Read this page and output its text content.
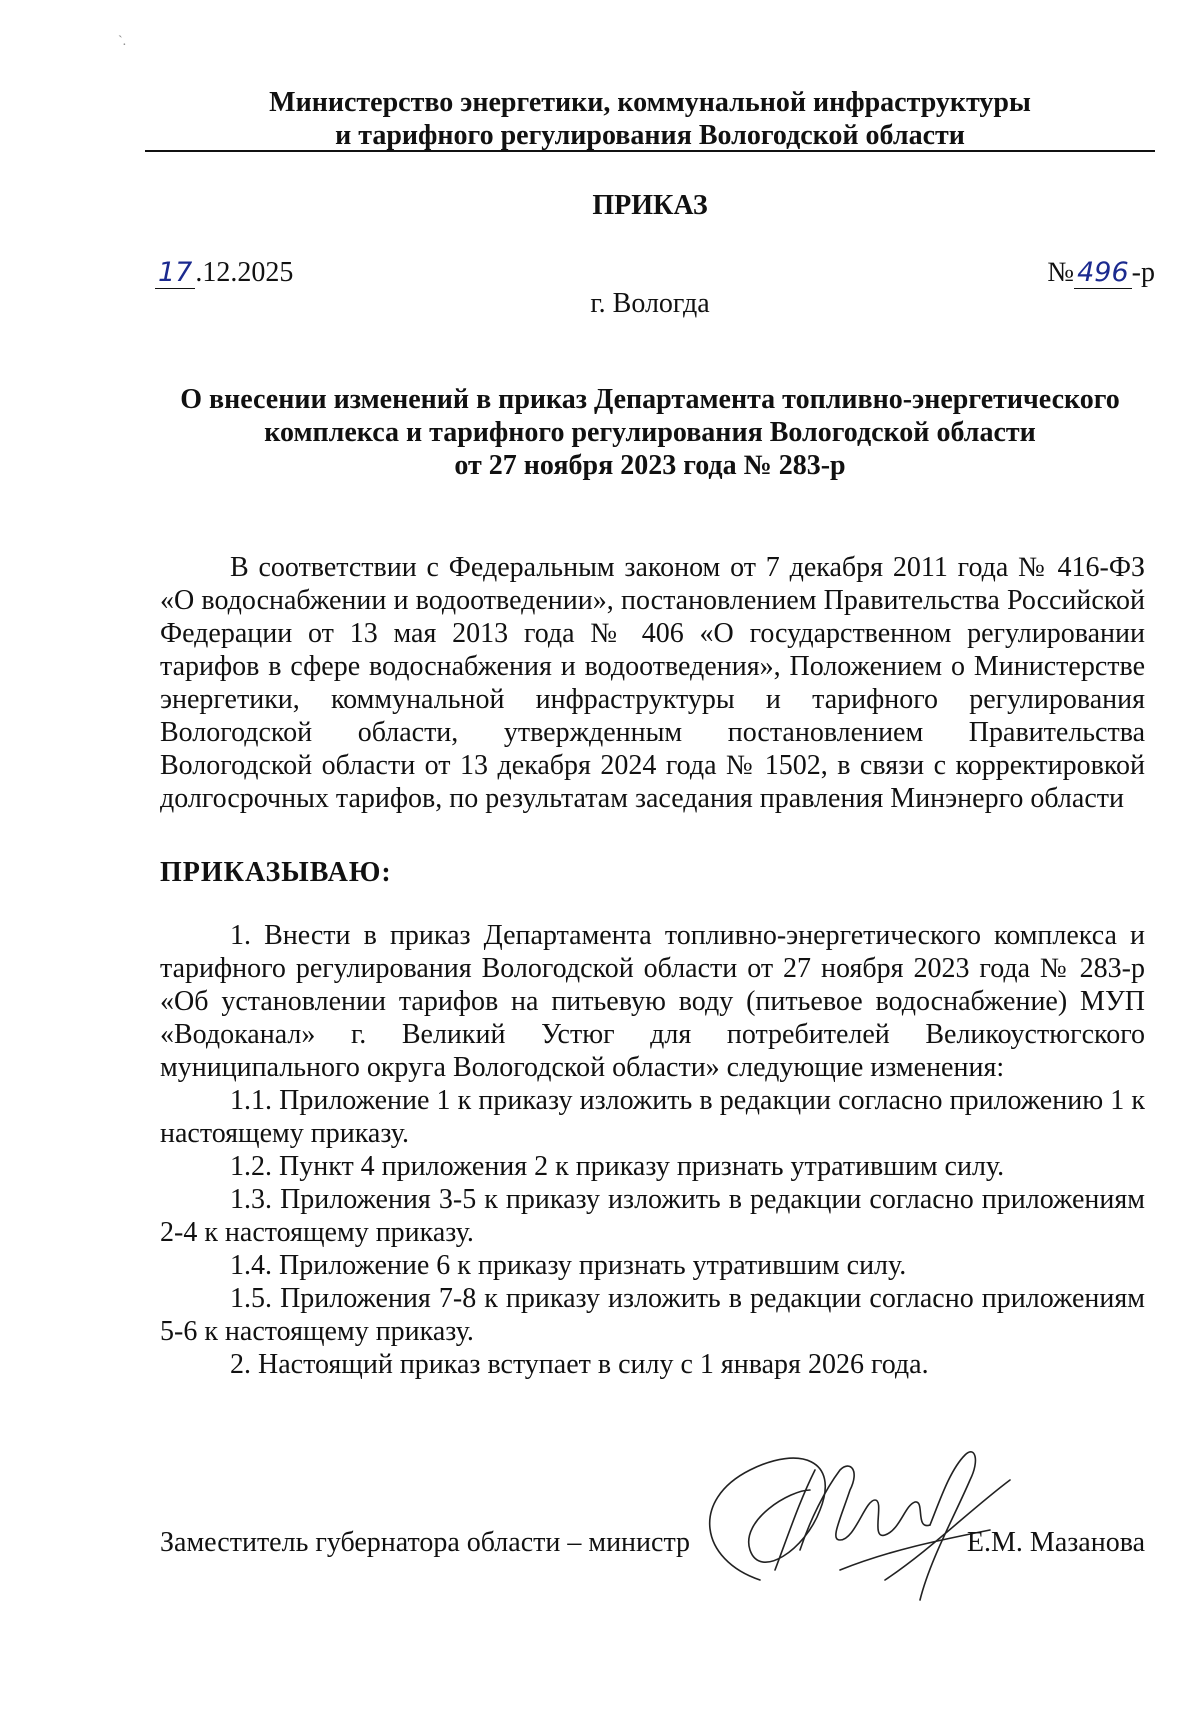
`.
Министерство энергетики, коммунальной инфраструктуры
и тарифного регулирования Вологодской области
ПРИКАЗ
17 .12.2025	№ 496 -р
г. Вологда
О внесении изменений в приказ Департамента топливно-энергетического
комплекса и тарифного регулирования Вологодской области
от 27 ноября 2023 года № 283-р

В соответствии с Федеральным законом от 7 декабря 2011 года № 416-ФЗ «О водоснабжении и водоотведении», постановлением Правительства Российской Федерации от 13 мая 2013 года № 406 «О государственном регулировании тарифов в сфере водоснабжения и водоотведения», Положением о Министерстве энергетики, коммунальной инфраструктуры и тарифного регулирования Вологодской области, утвержденным постановлением Правительства Вологодской области от 13 декабря 2024 года № 1502, в связи с корректировкой долгосрочных тарифов, по результатам заседания правления Минэнерго области

ПРИКАЗЫВАЮ:

1. Внести в приказ Департамента топливно-энергетического комплекса и тарифного регулирования Вологодской области от 27 ноября 2023 года № 283-р «Об установлении тарифов на питьевую воду (питьевое водоснабжение) МУП «Водоканал» г. Великий Устюг для потребителей Великоустюгского муниципального округа Вологодской области» следующие изменения:

1.1. Приложение 1 к приказу изложить в редакции согласно приложению 1 к настоящему приказу.

1.2. Пункт 4 приложения 2 к приказу признать утратившим силу.

1.3. Приложения 3-5 к приказу изложить в редакции согласно приложениям 2-4 к настоящему приказу.

1.4. Приложение 6 к приказу признать утратившим силу.

1.5. Приложения 7-8 к приказу изложить в редакции согласно приложениям 5-6 к настоящему приказу.

2. Настоящий приказ вступает в силу с 1 января 2026 года.

Заместитель губернатора области – министр	Е.М. Мазанова
